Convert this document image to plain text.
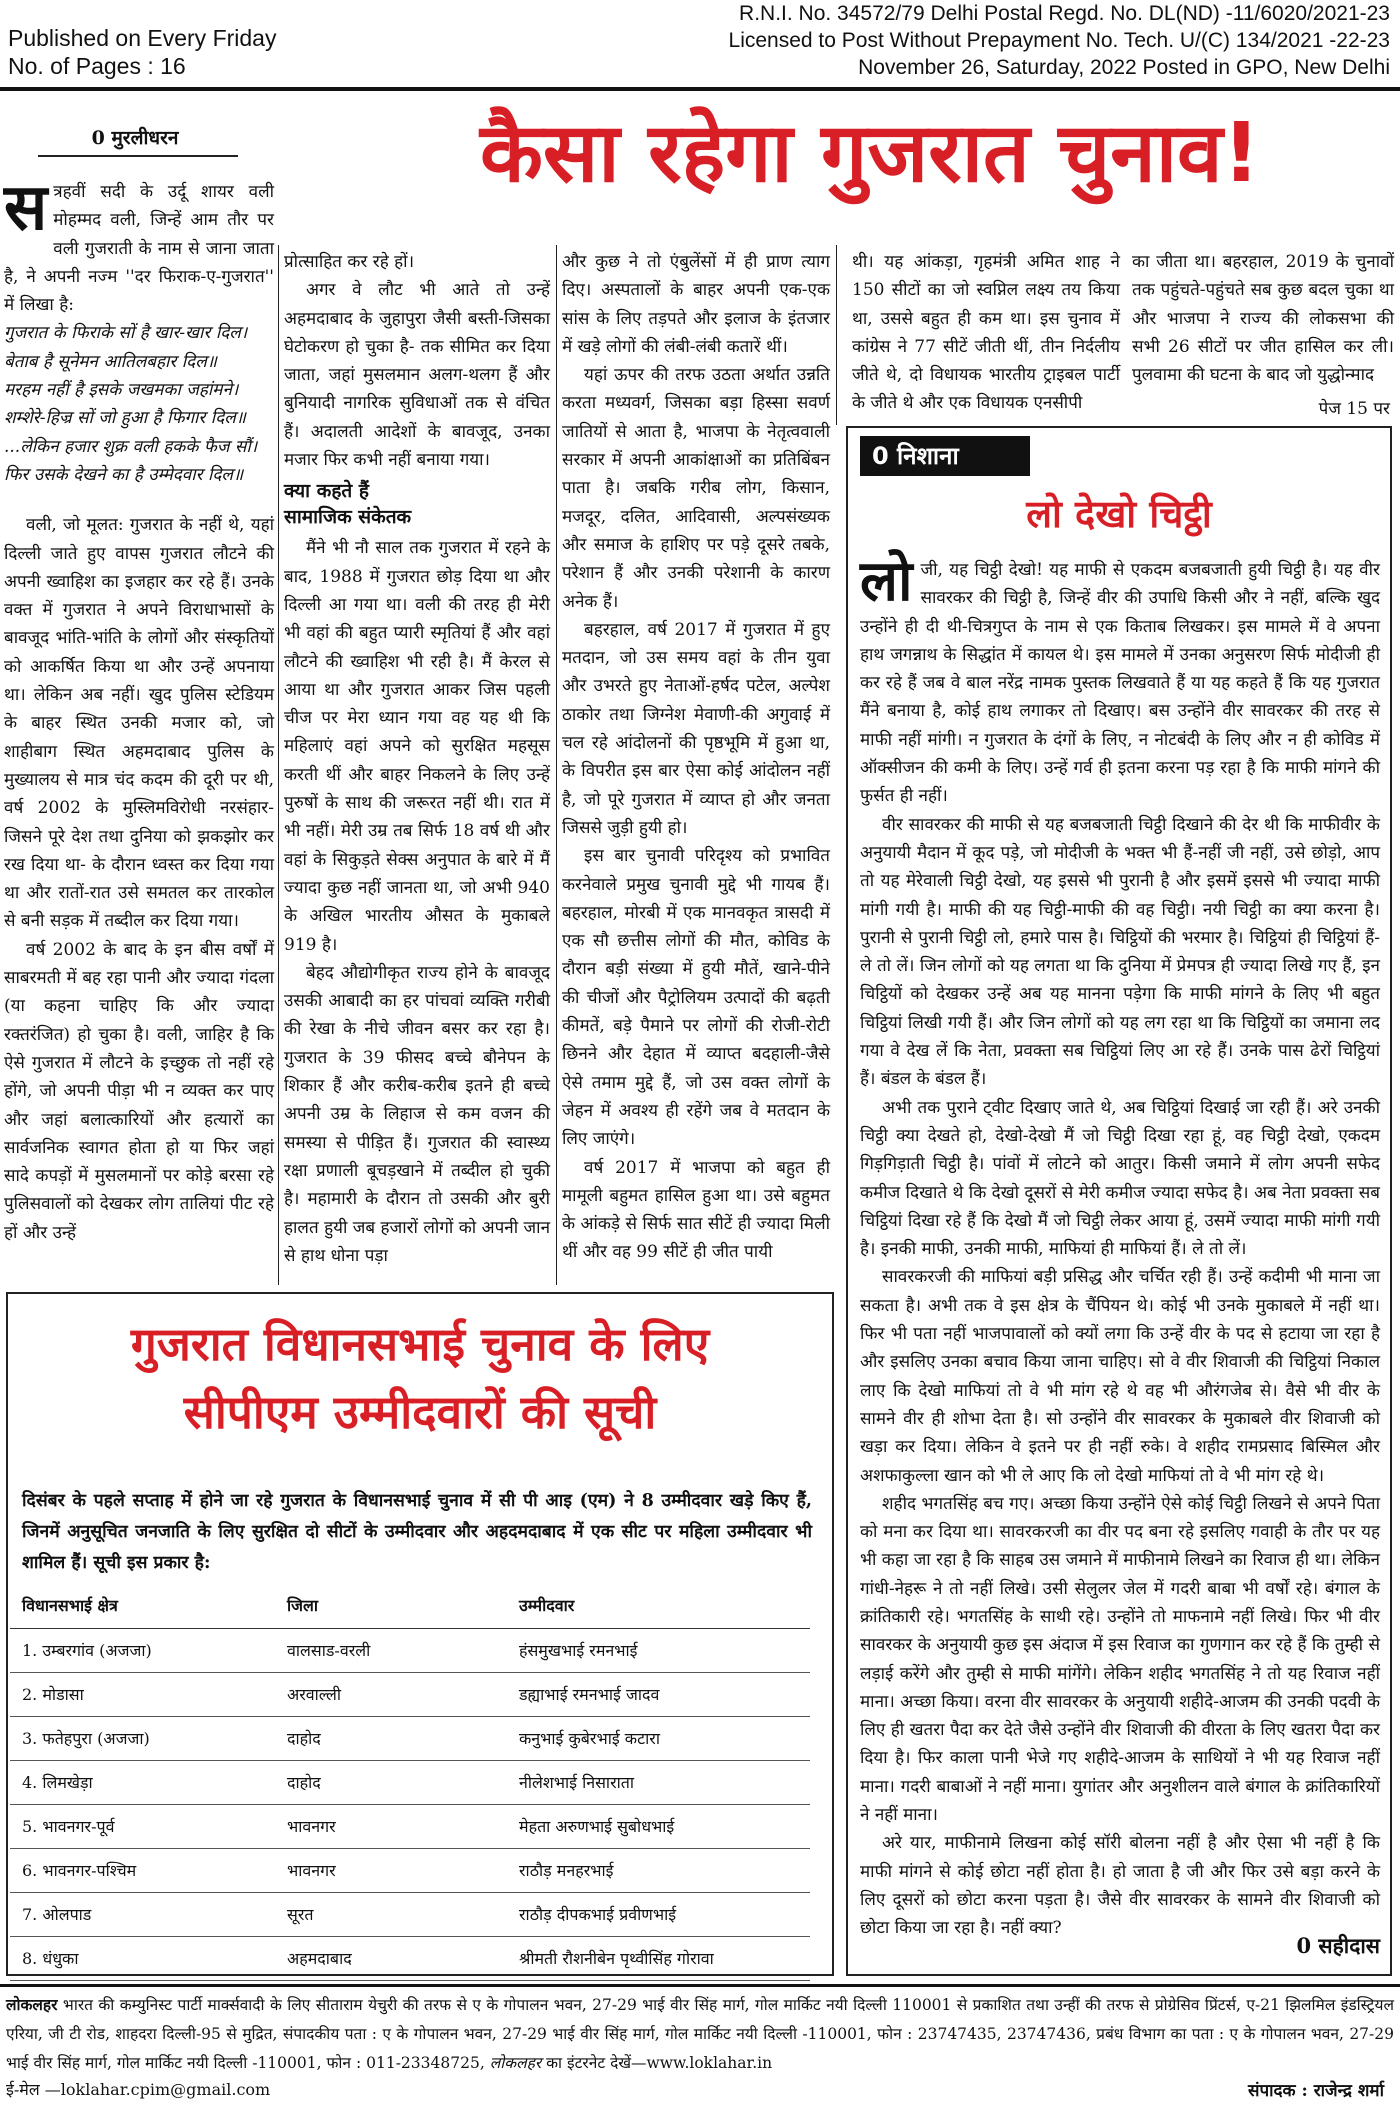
Published on Every Friday
No. of Pages : 16
R.N.I. No. 34572/79 Delhi Postal Regd. No. DL(ND) -11/6020/2021-23
Licensed to Post Without Prepayment No. Tech. U/(C) 134/2021 -22-23
November 26, Saturday, 2022 Posted in GPO, New Delhi
0 मुरलीधरन	कैसा रहेगा गुजरात चुनाव!

सत्रहवीं सदी के उर्दू शायर वली मोहम्मद वली, जिन्हें आम तौर पर वली गुजराती के नाम से जाना जाता है, ने अपनी नज्म ''दर फिराक-ए-गुजरात'' में लिखा है:

गुजरात के फिराके सों है खार-खार दिल।

बेताब है सूनेमन आतिलबहार दिल॥

मरहम नहीं है इसके जखमका जहांमने।

शम्शेरे-हिज्र सों जो हुआ है फिगार दिल॥

...लेकिन हजार शुक्र वली हकके फैज सौं।

फिर उसके देखने का है उम्मेदवार दिल॥

वली, जो मूलत: गुजरात के नहीं थे, यहां दिल्ली जाते हुए वापस गुजरात लौटने की अपनी ख्वाहिश का इजहार कर रहे हैं। उनके वक्त में गुजरात ने अपने विराधाभासों के बावजूद भांति-भांति के लोगों और संस्कृतियों को आकर्षित किया था और उन्हें अपनाया था। लेकिन अब नहीं। खुद पुलिस स्टेडियम के बाहर स्थित उनकी मजार को, जो शाहीबाग स्थित अहमदाबाद पुलिस के मुख्यालय से मात्र चंद कदम की दूरी पर थी, वर्ष 2002 के मुस्लिमविरोधी नरसंहार-जिसने पूरे देश तथा दुनिया को झकझोर कर रख दिया था- के दौरान ध्वस्त कर दिया गया था और रातों-रात उसे समतल कर तारकोल से बनी सड़क में तब्दील कर दिया गया।

वर्ष 2002 के बाद के इन बीस वर्षों में साबरमती में बह रहा पानी और ज्यादा गंदला (या कहना चाहिए कि और ज्यादा रक्तरंजित) हो चुका है। वली, जाहिर है कि ऐसे गुजरात में लौटने के इच्छुक तो नहीं रहे होंगे, जो अपनी पीड़ा भी न व्यक्त कर पाए और जहां बलात्कारियों और हत्यारों का सार्वजनिक स्वागत होता हो या फिर जहां सादे कपड़ों में मुसलमानों पर कोड़े बरसा रहे पुलिसवालों को देखकर लोग तालियां पीट रहे हों और उन्हें

प्रोत्साहित कर रहे हों।

अगर वे लौट भी आते तो उन्हें अहमदाबाद के जुहापुरा जैसी बस्ती-जिसका घेटोकरण हो चुका है- तक सीमित कर दिया जाता, जहां मुसलमान अलग-थलग हैं और बुनियादी नागरिक सुविधाओं तक से वंचित हैं। अदालती आदेशों के बावजूद, उनका मजार फिर कभी नहीं बनाया गया।

क्या कहते हैं
सामाजिक संकेतक

मैंने भी नौ साल तक गुजरात में रहने के बाद, 1988 में गुजरात छोड़ दिया था और दिल्ली आ गया था। वली की तरह ही मेरी भी वहां की बहुत प्यारी स्मृतियां हैं और वहां लौटने की ख्वाहिश भी रही है। मैं केरल से आया था और गुजरात आकर जिस पहली चीज पर मेरा ध्यान गया वह यह थी कि महिलाएं वहां अपने को सुरक्षित महसूस करती थीं और बाहर निकलने के लिए उन्हें पुरुषों के साथ की जरूरत नहीं थी। रात में भी नहीं। मेरी उम्र तब सिर्फ 18 वर्ष थी और वहां के सिकुड़ते सेक्स अनुपात के बारे में मैं ज्यादा कुछ नहीं जानता था, जो अभी 940 के अखिल भारतीय औसत के मुकाबले 919 है।

बेहद औद्योगीकृत राज्य होने के बावजूद उसकी आबादी का हर पांचवां व्यक्ति गरीबी की रेखा के नीचे जीवन बसर कर रहा है। गुजरात के 39 फीसद बच्चे बौनेपन के शिकार हैं और करीब-करीब इतने ही बच्चे अपनी उम्र के लिहाज से कम वजन की समस्या से पीड़ित हैं। गुजरात की स्वास्थ्य रक्षा प्रणाली बूचड़खाने में तब्दील हो चुकी है। महामारी के दौरान तो उसकी और बुरी हालत हुयी जब हजारों लोगों को अपनी जान से हाथ धोना पड़ा

और कुछ ने तो एंबुलेंसों में ही प्राण त्याग दिए। अस्पतालों के बाहर अपनी एक-एक सांस के लिए तड़पते और इलाज के इंतजार में खड़े लोगों की लंबी-लंबी कतारें थीं।

यहां ऊपर की तरफ उठता अर्थात उन्नति करता मध्यवर्ग, जिसका बड़ा हिस्सा सवर्ण जातियों से आता है, भाजपा के नेतृत्ववाली सरकार में अपनी आकांक्षाओं का प्रतिबिंबन पाता है। जबकि गरीब लोग, किसान, मजदूर, दलित, आदिवासी, अल्पसंख्यक और समाज के हाशिए पर पड़े दूसरे तबके, परेशान हैं और उनकी परेशानी के कारण अनेक हैं।

बहरहाल, वर्ष 2017 में गुजरात में हुए मतदान, जो उस समय वहां के तीन युवा और उभरते हुए नेताओं-हर्षद पटेल, अल्पेश ठाकोर तथा जिग्नेश मेवाणी-की अगुवाई में चल रहे आंदोलनों की पृष्ठभूमि में हुआ था, के विपरीत इस बार ऐसा कोई आंदोलन नहीं है, जो पूरे गुजरात में व्याप्त हो और जनता जिससे जुड़ी हुयी हो।

इस बार चुनावी परिदृश्य को प्रभावित करनेवाले प्रमुख चुनावी मुद्दे भी गायब हैं। बहरहाल, मोरबी में एक मानवकृत त्रासदी में एक सौ छत्तीस लोगों की मौत, कोविड के दौरान बड़ी संख्या में हुयी मौतें, खाने-पीने की चीजों और पैट्रोलियम उत्पादों की बढ़ती कीमतें, बड़े पैमाने पर लोगों की रोजी-रोटी छिनने और देहात में व्याप्त बदहाली-जैसे ऐसे तमाम मुद्दे हैं, जो उस वक्त लोगों के जेहन में अवश्य ही रहेंगे जब वे मतदान के लिए जाएंगे।

वर्ष 2017 में भाजपा को बहुत ही मामूली बहुमत हासिल हुआ था। उसे बहुमत के आंकड़े से सिर्फ सात सीटें ही ज्यादा मिली थीं और वह 99 सीटें ही जीत पायी

थी। यह आंकड़ा, गृहमंत्री अमित शाह ने 150 सीटों का जो स्वप्निल लक्ष्य तय किया था, उससे बहुत ही कम था। इस चुनाव में कांग्रेस ने 77 सीटें जीती थीं, तीन निर्दलीय जीते थे, दो विधायक भारतीय ट्राइबल पार्टी के जीते थे और एक विधायक एनसीपी

का जीता था। बहरहाल, 2019 के चुनावों तक पहुंचते-पहुंचते सब कुछ बदल चुका था और भाजपा ने राज्य की लोकसभा की सभी 26 सीटों पर जीत हासिल कर ली। पुलवामा की घटना के बाद जो युद्धोन्माद

पेज 15 पर
गुजरात विधानसभाई चुनाव के लिए
सीपीएम उम्मीदवारों की सूची
दिसंबर के पहले सप्ताह में होने जा रहे गुजरात के विधानसभाई चुनाव में सी पी आइ (एम) ने 8 उम्मीदवार खड़े किए हैं, जिनमें अनुसूचित जनजाति के लिए सुरक्षित दो सीटों के उम्मीदवार और अहदमदाबाद में एक सीट पर महिला उम्मीदवार भी शामिल हैं। सूची इस प्रकार है:
विधानसभाई क्षेत्र	जिला	उम्मीदवार
1. उम्बरगांव (अजजा)	वालसाड-वरली	हंसमुखभाई रमनभाई
2. मोडासा	अरवाल्ली	डह्याभाई रमनभाई जादव
3. फतेहपुरा (अजजा)	दाहोद	कनुभाई कुबेरभाई कटारा
4. लिमखेड़ा	दाहोद	नीलेशभाई निसाराता
5. भावनगर-पूर्व	भावनगर	मेहता अरुणभाई सुबोधभाई
6. भावनगर-पश्चिम	भावनगर	राठौड़ मनहरभाई
7. ओलपाड	सूरत	राठौड़ दीपकभाई प्रवीणभाई
8. धंधुका	अहमदाबाद	श्रीमती रौशनीबेन पृथ्वीसिंह गोरावा
0 निशाना
लो देखो चिट्ठी

लोजी, यह चिट्ठी देखो! यह माफी से एकदम बजबजाती हुयी चिट्ठी है। यह वीर सावरकर की चिट्ठी है, जिन्हें वीर की उपाधि किसी और ने नहीं, बल्कि खुद उन्होंने ही दी थी-चित्रगुप्त के नाम से एक किताब लिखकर। इस मामले में वे अपना हाथ जगन्नाथ के सिद्धांत में कायल थे। इस मामले में उनका अनुसरण सिर्फ मोदीजी ही कर रहे हैं जब वे बाल नरेंद्र नामक पुस्तक लिखवाते हैं या यह कहते हैं कि यह गुजरात मैंने बनाया है, कोई हाथ लगाकर तो दिखाए। बस उन्होंने वीर सावरकर की तरह से माफी नहीं मांगी। न गुजरात के दंगों के लिए, न नोटबंदी के लिए और न ही कोविड में ऑक्सीजन की कमी के लिए। उन्हें गर्व ही इतना करना पड़ रहा है कि माफी मांगने की फुर्सत ही नहीं।

वीर सावरकर की माफी से यह बजबजाती चिट्ठी दिखाने की देर थी कि माफीवीर के अनुयायी मैदान में कूद पड़े, जो मोदीजी के भक्त भी हैं-नहीं जी नहीं, उसे छोड़ो, आप तो यह मेरेवाली चिट्ठी देखो, यह इससे भी पुरानी है और इसमें इससे भी ज्यादा माफी मांगी गयी है। माफी की यह चिट्ठी-माफी की वह चिट्ठी। नयी चिट्ठी का क्या करना है। पुरानी से पुरानी चिट्ठी लो, हमारे पास है। चिट्ठियों की भरमार है। चिट्ठियां ही चिट्ठियां हैं-ले तो लें। जिन लोगों को यह लगता था कि दुनिया में प्रेमपत्र ही ज्यादा लिखे गए हैं, इन चिट्ठियों को देखकर उन्हें अब यह मानना पड़ेगा कि माफी मांगने के लिए भी बहुत चिट्ठियां लिखी गयी हैं। और जिन लोगों को यह लग रहा था कि चिट्ठियों का जमाना लद गया वे देख लें कि नेता, प्रवक्ता सब चिट्ठियां लिए आ रहे हैं। उनके पास ढेरों चिट्ठियां हैं। बंडल के बंडल हैं।

अभी तक पुराने ट्वीट दिखाए जाते थे, अब चिट्ठियां दिखाई जा रही हैं। अरे उनकी चिट्ठी क्या देखते हो, देखो-देखो मैं जो चिट्ठी दिखा रहा हूं, वह चिट्ठी देखो, एकदम गिड़गिड़ाती चिट्ठी है। पांवों में लोटने को आतुर। किसी जमाने में लोग अपनी सफेद कमीज दिखाते थे कि देखो दूसरों से मेरी कमीज ज्यादा सफेद है। अब नेता प्रवक्ता सब चिट्ठियां दिखा रहे हैं कि देखो मैं जो चिट्ठी लेकर आया हूं, उसमें ज्यादा माफी मांगी गयी है। इनकी माफी, उनकी माफी, माफियां ही माफियां हैं। ले तो लें।

सावरकरजी की माफियां बड़ी प्रसिद्ध और चर्चित रही हैं। उन्हें कदीमी भी माना जा सकता है। अभी तक वे इस क्षेत्र के चैंपियन थे। कोई भी उनके मुकाबले में नहीं था। फिर भी पता नहीं भाजपावालों को क्यों लगा कि उन्हें वीर के पद से हटाया जा रहा है और इसलिए उनका बचाव किया जाना चाहिए। सो वे वीर शिवाजी की चिट्ठियां निकाल लाए कि देखो माफियां तो वे भी मांग रहे थे वह भी औरंगजेब से। वैसे भी वीर के सामने वीर ही शोभा देता है। सो उन्होंने वीर सावरकर के मुकाबले वीर शिवाजी को खड़ा कर दिया। लेकिन वे इतने पर ही नहीं रुके। वे शहीद रामप्रसाद बिस्मिल और अशफाकुल्ला खान को भी ले आए कि लो देखो माफियां तो वे भी मांग रहे थे।

शहीद भगतसिंह बच गए। अच्छा किया उन्होंने ऐसे कोई चिट्ठी लिखने से अपने पिता को मना कर दिया था। सावरकरजी का वीर पद बना रहे इसलिए गवाही के तौर पर यह भी कहा जा रहा है कि साहब उस जमाने में माफीनामे लिखने का रिवाज ही था। लेकिन गांधी-नेहरू ने तो नहीं लिखे। उसी सेलुलर जेल में गदरी बाबा भी वर्षों रहे। बंगाल के क्रांतिकारी रहे। भगतसिंह के साथी रहे। उन्होंने तो माफनामे नहीं लिखे। फिर भी वीर सावरकर के अनुयायी कुछ इस अंदाज में इस रिवाज का गुणगान कर रहे हैं कि तुम्ही से लड़ाई करेंगे और तुम्ही से माफी मांगेंगे। लेकिन शहीद भगतसिंह ने तो यह रिवाज नहीं माना। अच्छा किया। वरना वीर सावरकर के अनुयायी शहीदे-आजम की उनकी पदवी के लिए ही खतरा पैदा कर देते जैसे उन्होंने वीर शिवाजी की वीरता के लिए खतरा पैदा कर दिया है। फिर काला पानी भेजे गए शहीदे-आजम के साथियों ने भी यह रिवाज नहीं माना। गदरी बाबाओं ने नहीं माना। युगांतर और अनुशीलन वाले बंगाल के क्रांतिकारियों ने नहीं माना।

अरे यार, माफीनामे लिखना कोई सॉरी बोलना नहीं है और ऐसा भी नहीं है कि माफी मांगने से कोई छोटा नहीं होता है। हो जाता है जी और फिर उसे बड़ा करने के लिए दूसरों को छोटा करना पड़ता है। जैसे वीर सावरकर के सामने वीर शिवाजी को छोटा किया जा रहा है। नहीं क्या?

0 सहीदास
लोकलहर भारत की कम्युनिस्ट पार्टी मार्क्सवादी के लिए सीताराम येचुरी की तरफ से ए के गोपालन भवन, 27-29 भाई वीर सिंह मार्ग, गोल मार्किट नयी दिल्ली 110001 से प्रकाशित तथा उन्हीं की तरफ से प्रोग्रेसिव प्रिंटर्स, ए-21 झिलमिल इंडस्ट्रियल एरिया, जी टी रोड, शाहदरा दिल्ली-95 से मुद्रित, संपादकीय पता : ए के गोपालन भवन, 27-29 भाई वीर सिंह मार्ग, गोल मार्किट नयी दिल्ली -110001, फोन : 23747435, 23747436, प्रबंध विभाग का पता : ए के गोपालन भवन, 27-29 भाई वीर सिंह मार्ग, गोल मार्किट नयी दिल्ली -110001, फोन : 011-23348725, लोकलहर का इंटरनेट देखें—www.loklahar.in
ई-मेल —loklahar.cpim@gmail.com	संपादक : राजेन्द्र शर्मा
